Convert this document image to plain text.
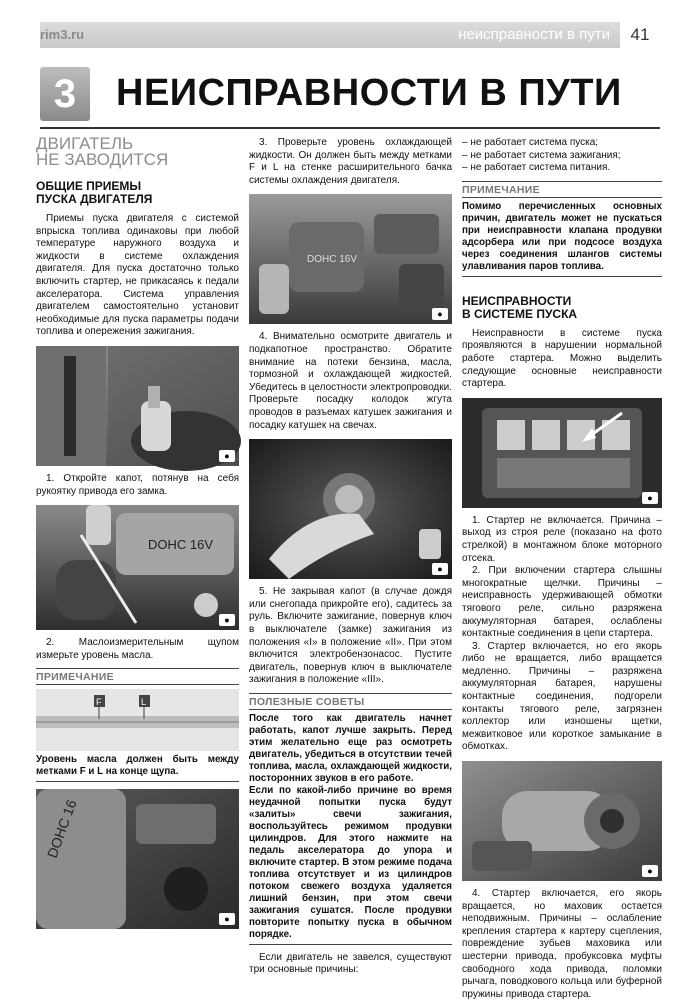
rim3.ru	неисправности в пути	41
3	НЕИСПРАВНОСТИ В ПУТИ
ДВИГАТЕЛЬ
НЕ ЗАВОДИТСЯ
ОБЩИЕ ПРИЕМЫ
ПУСКА ДВИГАТЕЛЯ

Приемы пуска двигателя с системой впрыска топлива одинаковы при любой температуре наружного воздуха и жидкости в системе охлаждения двигателя. Для пуска достаточно только включить стартер, не прикасаясь к педали акселератора. Система управления двигателем самостоятельно установит необходимые для пуска параметры подачи топлива и опережения зажигания.

●

1. Откройте капот, потянув на себя рукоятку привода его замка.

DOHC 16V
●

2. Маслоизмерительным щупом измерьте уровень масла.

ПРИМЕЧАНИЕ
F	L
Уровень масла должен быть между метками F и L на конце щупа.
DOHC 16
●

3. Проверьте уровень охлаждающей жидкости. Он должен быть между метками F и L на стенке расширительного бачка системы охлаждения двигателя.

DOHC 16V
●

4. Внимательно осмотрите двигатель и подкапотное пространство. Обратите внимание на потеки бензина, масла, тормозной и охлаждающей жидкостей. Убедитесь в целостности электропроводки. Проверьте посадку колодок жгута проводов в разъемах катушек зажигания и посадку катушек на свечах.

●

5. Не закрывая капот (в случае дождя или снегопада прикройте его), садитесь за руль. Включите зажигание, повернув ключ в выключателе (замке) зажигания из положения «I» в положение «II». При этом включится электробензонасос. Пустите двигатель, повернув ключ в выключателе зажигания в положение «III».

ПОЛЕЗНЫЕ СОВЕТЫ
После того как двигатель начнет работать, капот лучше закрыть. Перед этим желательно еще раз осмотреть двигатель, убедиться в отсутствии течей топлива, масла, охлаждающей жидкости, посторонних звуков в его работе.
Если по какой-либо причине во время неудачной попытки пуска будут «залиты» свечи зажигания, воспользуйтесь режимом продувки цилиндров. Для этого нажмите на педаль акселератора до упора и включите стартер. В этом режиме подача топлива отсутствует и из цилиндров потоком свежего воздуха удаляется лишний бензин, при этом свечи зажигания сушатся. После продувки повторите попытку пуска в обычном порядке.

Если двигатель не завелся, существуют три основные причины:

– не работает система пуска;
– не работает система зажигания;
– не работает система питания.
ПРИМЕЧАНИЕ
Помимо перечисленных основных причин, двигатель может не пускаться при неисправности клапана продувки адсорбера или при подсосе воздуха через соединения шлангов системы улавливания паров топлива.
НЕИСПРАВНОСТИ
В СИСТЕМЕ ПУСКА

Неисправности в системе пуска проявляются в нарушении нормальной работе стартера. Можно выделить следующие основные неисправности стартера.

●

1. Стартер не включается. Причина – выход из строя реле (показано на фото стрелкой) в монтажном блоке моторного отсека.

2. При включении стартера слышны многократные щелчки. Причины – неисправность удерживающей обмотки тягового реле, сильно разряжена аккумуляторная батарея, ослаблены контактные соединения в цепи стартера.

3. Стартер включается, но его якорь либо не вращается, либо вращается медленно. Причины – разряжена аккумуляторная батарея, нарушены контактные соединения, подгорели контакты тягового реле, загрязнен коллектор или изношены щетки, межвитковое или короткое замыкание в обмотках.

●

4. Стартер включается, его якорь вращается, но маховик остается неподвижным. Причины – ослабление крепления стартера к картеру сцепления, повреждение зубьев маховика или шестерни привода, пробуксовка муфты свободного хода привода, поломки рычага, поводкового кольца или буферной пружины привода стартера.
